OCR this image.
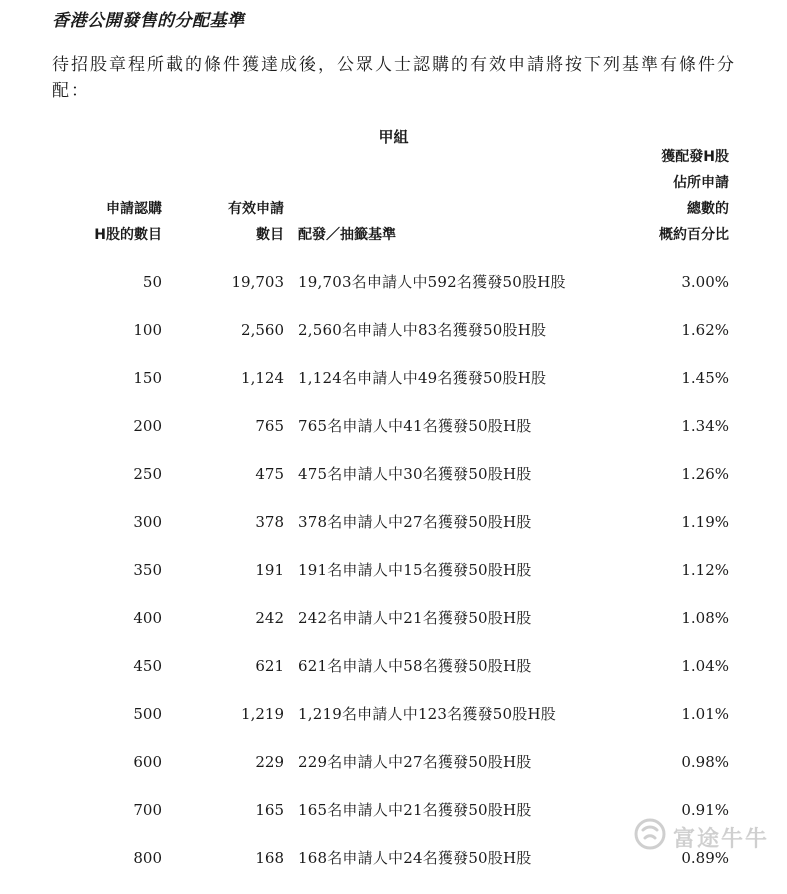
香港公開發售的分配基準
待招股章程所載的條件獲達成後，公眾人士認購的有效申請將按下列基準有條件分配：
甲組
申請認購
H股的數目
有效申請
數目 配發／抽籤基準
獲配發H股
佔所申請
總數的
概約百分比
50	19,703 19,703名申請人中592名獲發50股H股	3.00%
100	2,560 2,560名申請人中83名獲發50股H股	1.62%
150	1,124 1,124名申請人中49名獲發50股H股	1.45%
200	765 765名申請人中41名獲發50股H股	1.34%
250	475 475名申請人中30名獲發50股H股	1.26%
300	378 378名申請人中27名獲發50股H股	1.19%
350	191 191名申請人中15名獲發50股H股	1.12%
400	242 242名申請人中21名獲發50股H股	1.08%
450	621 621名申請人中58名獲發50股H股	1.04%
500	1,219 1,219名申請人中123名獲發50股H股	1.01%
600	229 229名申請人中27名獲發50股H股	0.98%
700	165 165名申請人中21名獲發50股H股	0.91%
800	168 168名申請人中24名獲發50股H股	0.89%
富途牛牛
